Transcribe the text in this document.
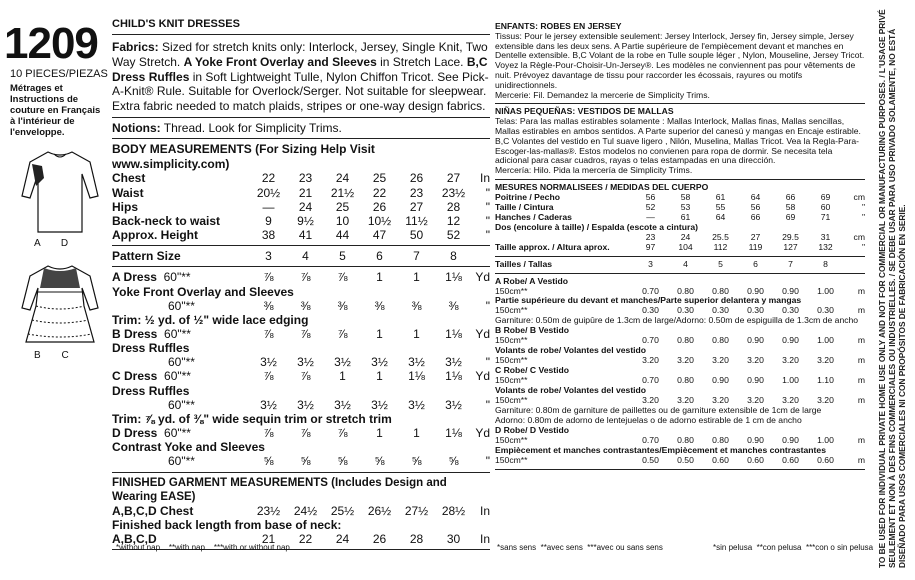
1209
10 PIECES/PIEZAS
Métrages et Instructions de couture en Français à l'intérieur de l'enveloppe.
A D
B C
CHILD'S KNIT DRESSES
Fabrics: Sized for stretch knits only: Interlock, Jersey, Single Knit, Two Way Stretch. A Yoke Front Overlay and Sleeves in Stretch Lace. B,C Dress Ruffles in Soft Lightweight Tulle, Nylon Chiffon Tricot. See Pick-A-Knit® Rule. Suitable for Overlock/Serger. Not suitable for sleepwear. Extra fabric needed to match plaids, stripes or one-way design fabrics.
Notions: Thread. Look for Simplicity Trims.
BODY MEASUREMENTS (For Sizing Help Visit www.simplicity.com)
Chest	22	23	24	25	26	27	In
Waist	20½	21	21½	22	23	23½	"
Hips	—	24	25	26	27	28	"
Back-neck to waist	9	9½	10	10½	11½	12	"
Approx. Height	38	41	44	47	50	52	"
Pattern Size	3	4	5	6	7	8	
A Dress  60"**	⅞	⅞	⅞	1	1	1⅛	Yd
Yoke Front Overlay and Sleeves							
60"**	⅜	⅜	⅜	⅜	⅜	⅜	"
Trim: ½ yd. of ½" wide lace edging							
B Dress  60"**	⅞	⅞	⅞	1	1	1⅛	Yd
Dress Ruffles							
60"**	3½	3½	3½	3½	3½	3½	"
C Dress  60"**	⅞	⅞	1	1	1⅛	1⅛	Yd
Dress Ruffles							
60"**	3½	3½	3½	3½	3½	3½	"
Trim: ⅞ yd. of ⅜" wide sequin trim or stretch trim							
D Dress  60"**	⅞	⅞	⅞	1	1	1⅛	Yd
Contrast Yoke and Sleeves							
60"**	⅝	⅝	⅝	⅝	⅝	⅝	"
FINISHED GARMENT MEASUREMENTS (Includes Design and Wearing EASE)
A,B,C,D Chest	23½	24½	25½	26½	27½	28½	In
Finished back length from base of neck:							
A,B,C,D	21	22	24	26	28	30	In
*without nap    **with nap    ***with or without nap
ENFANTS: ROBES EN JERSEY
Tissus: Pour le jersey extensible seulement: Jersey Interlock, Jersey fin, Jersey simple, Jersey extensible dans les deux sens. A Partie supérieure de l'empiècement devant et manches en Dentelle extensible. B,C Volant de la robe en Tulle souple léger , Nylon, Mouseline, Jersey Tricot. Voyez la Règle-Pour-Choisir-Un-Jersey®. Les modèles ne conviennent pas pour vêtements de nuit. Prévoyez davantage de tissu pour raccorder les écossais, rayures ou motifs unidirectionnels.
Mercerie: Fil. Demandez la mercerie de Simplicity Trims.
NIÑAS PEQUEÑAS: VESTIDOS DE MALLAS
Telas: Para las mallas estirables solamente : Mallas Interlock, Mallas finas, Mallas sencillas, Mallas estirables en ambos sentidos. A Parte superior del canesú y mangas en Encaje estirable. B,C Volantes del vestido en Tul suave ligero , Nilón, Muselina, Mallas Tricot. Vea la Regla-Para-Escoger-las-mallas®. Estos modelos no convienen para ropa de dormir. Se necesita tela adicional para casar cuadros, rayas o telas estampadas en una dirección.
Mercería: Hilo. Pida la mercería de Simplicity Trims.
MESURES NORMALISEES / MEDIDAS DEL CUERPO
Poitrine / Pecho	56	58	61	64	66	69	cm
Taille / Cintura	52	53	55	56	58	60	"
Hanches / Caderas	—	61	64	66	69	71	"
Dos (encolure à taille) / Espalda (escote a cintura)							
	23	24	25.5	27	29.5	31	cm
Taille approx. / Altura aprox.	97	104	112	119	127	132	"
Tailles / Tallas	3	4	5	6	7	8	
A Robe/ A Vestido							
150cm**	0.70	0.80	0.80	0.90	0.90	1.00	m
Partie supérieure du devant et manches/Parte superior delantera y mangas							
150cm**	0.30	0.30	0.30	0.30	0.30	0.30	m
Garniture: 0.50m de guipûre de 1.3cm de large/Adorno: 0.50m de espiguilla de 1.3cm de ancho							
B Robe/ B Vestido							
150cm**	0.70	0.80	0.80	0.90	0.90	1.00	m
Volants de robe/ Volantes del vestido							
150cm**	3.20	3.20	3.20	3.20	3.20	3.20	m
C Robe/ C Vestido							
150cm**	0.70	0.80	0.90	0.90	1.00	1.10	m
Volants de robe/ Volantes del vestido							
150cm**	3.20	3.20	3.20	3.20	3.20	3.20	m
Garniture: 0.80m de garniture de paillettes ou de garniture extensible de 1cm de large							
Adorno: 0.80m de adorno de lentejuelas o de adorno estirable de 1 cm de ancho							
D Robe/ D Vestido							
150cm**	0.70	0.80	0.80	0.90	0.90	1.00	m
Empiècement et manches contrastantes/Empiècement et manches contrastantes							
150cm**	0.50	0.50	0.60	0.60	0.60	0.60	m
*sans sens  **avec sens  ***avec ou sans sens	*sin pelusa  **con pelusa  ***con o sin pelusa TO BE USED FOR INDIVIDUAL PRIVATE HOME USE ONLY AND NOT FOR COMMERCIAL OR MANUFACTURING PURPOSES. / L'USAGE PRIVÉ SEULEMENT ET NON À DES FINS COMMERCIALES OU INDUSTRIELLES. / SE DEBE USAR PARA USO PRIVADO SOLAMENTE, NO ESTÁ DISEÑADO PARA USOS COMERCIALES NI CON PROPÓSITOS DE FABRICACIÓN EN SERIE.
